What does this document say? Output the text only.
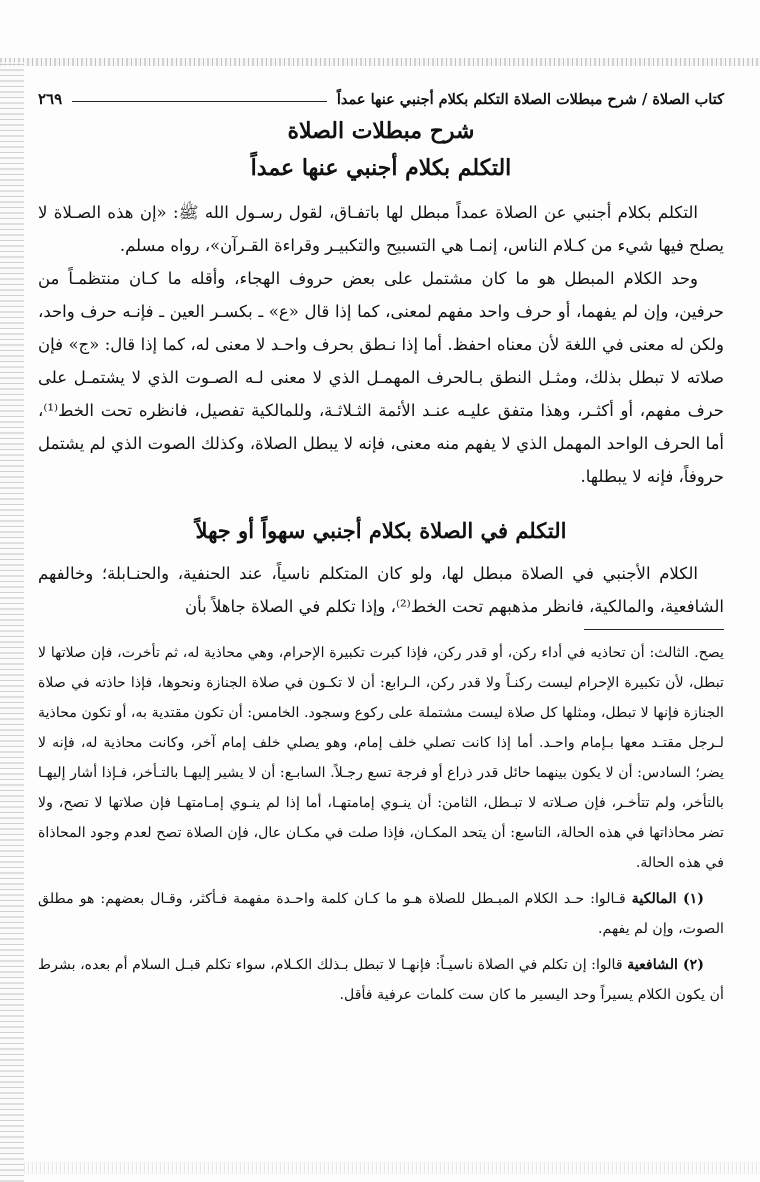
كتاب الصلاة / شرح مبطلات الصلاة التكلم بكلام أجنبي عنها عمداً
٢٦٩
شرح مبطلات الصلاة
التكلم بكلام أجنبي عنها عمداً

التكلم بكلام أجنبي عن الصلاة عمداً مبطل لها باتفـاق، لقول رسـول الله ﷺ: «إن هذه الصـلاة لا يصلح فيها شيء من كـلام الناس، إنمـا هي التسبيح والتكبيـر وقراءة القـرآن»، رواه مسلم.

وحد الكلام المبطل هو ما كان مشتمل على بعض حروف الهجاء، وأقله ما كـان منتظمـاً من حرفين، وإن لم يفهما، أو حرف واحد مفهم لمعنى، كما إذا قال «ع» ـ بكسـر العين ـ فإنـه حرف واحد، ولكن له معنى في اللغة لأن معناه احفظ. أما إذا نـطق بحرف واحـد لا معنى له، كما إذا قال: «ج» فإن صلاته لا تبطل بذلك، ومثـل النطق بـالحرف المهمـل الذي لا معنى لـه الصـوت الذي لا يشتمـل على حرف مفهم، أو أكثـر، وهذا متفق عليـه عنـد الأئمة الثـلاثـة، وللمالكية تفصيل، فانظره تحت الخط⁽¹⁾، أما الحرف الواحد المهمل الذي لا يفهم منه معنى، فإنه لا يبطل الصلاة، وكذلك الصوت الذي لم يشتمل حروفاً، فإنه لا يبطلها.

التكلم في الصلاة بكلام أجنبي سهواً أو جهلاً

الكلام الأجنبي في الصلاة مبطل لها، ولو كان المتكلم ناسياً، عند الحنفية، والحنـابلة؛ وخالفهم الشافعية، والمالكية، فانظر مذهبهم تحت الخط⁽²⁾، وإذا تكلم في الصلاة جاهلاً بأن

يصح. الثالث: أن تحاذيه في أداء ركن، أو قدر ركن، فإذا كبرت تكبيرة الإحرام، وهي محاذية له، ثم تأخرت، فإن صلاتها لا تبطل، لأن تكبيرة الإحرام ليست ركنـاً ولا قدر ركن، الـرابع: أن لا تكـون في صلاة الجنازة ونحوها، فإذا حاذته في صلاة الجنازة فإنها لا تبطل، ومثلها كل صلاة ليست مشتملة على ركوع وسجود. الخامس: أن تكون مقتدية به، أو تكون محاذية لـرجل مقتـد معها بـإمام واحـد. أما إذا كانت تصلي خلف إمام، وهو يصلي خلف إمام آخر، وكانت محاذية له، فإنه لا يضر؛ السادس: أن لا يكون بينهما حائل قدر ذراع أو فرجة تسع رجـلاً. السابـع: أن لا يشير إليهـا بالتـأخر، فـإذا أشار إليهـا بالتأخر، ولم تتأخـر، فإن صـلاته لا تبـطل، الثامن: أن ينـوي إمامتهـا، أما إذا لم ينـوي إمـامتهـا فإن صلاتها لا تصح، ولا تضر محاذاتها في هذه الحالة، التاسع: أن يتحد المكـان، فإذا صلت في مكـان عال، فإن الصلاة تصح لعدم وجود المحاذاة في هذه الحالة.

(١) المالكية قـالوا: حـد الكلام المبـطل للصلاة هـو ما كـان كلمة واحـدة مفهمة فـأكثر، وقـال بعضهم: هو مطلق الصوت، وإن لم يفهم.

(٢) الشافعية قالوا: إن تكلم في الصلاة ناسيـاً: فإنهـا لا تبطل بـذلك الكـلام، سواء تكلم قبـل السلام أم بعده، بشرط أن يكون الكلام يسيراً وحد اليسير ما كان ست كلمات عرفية فأقل.
